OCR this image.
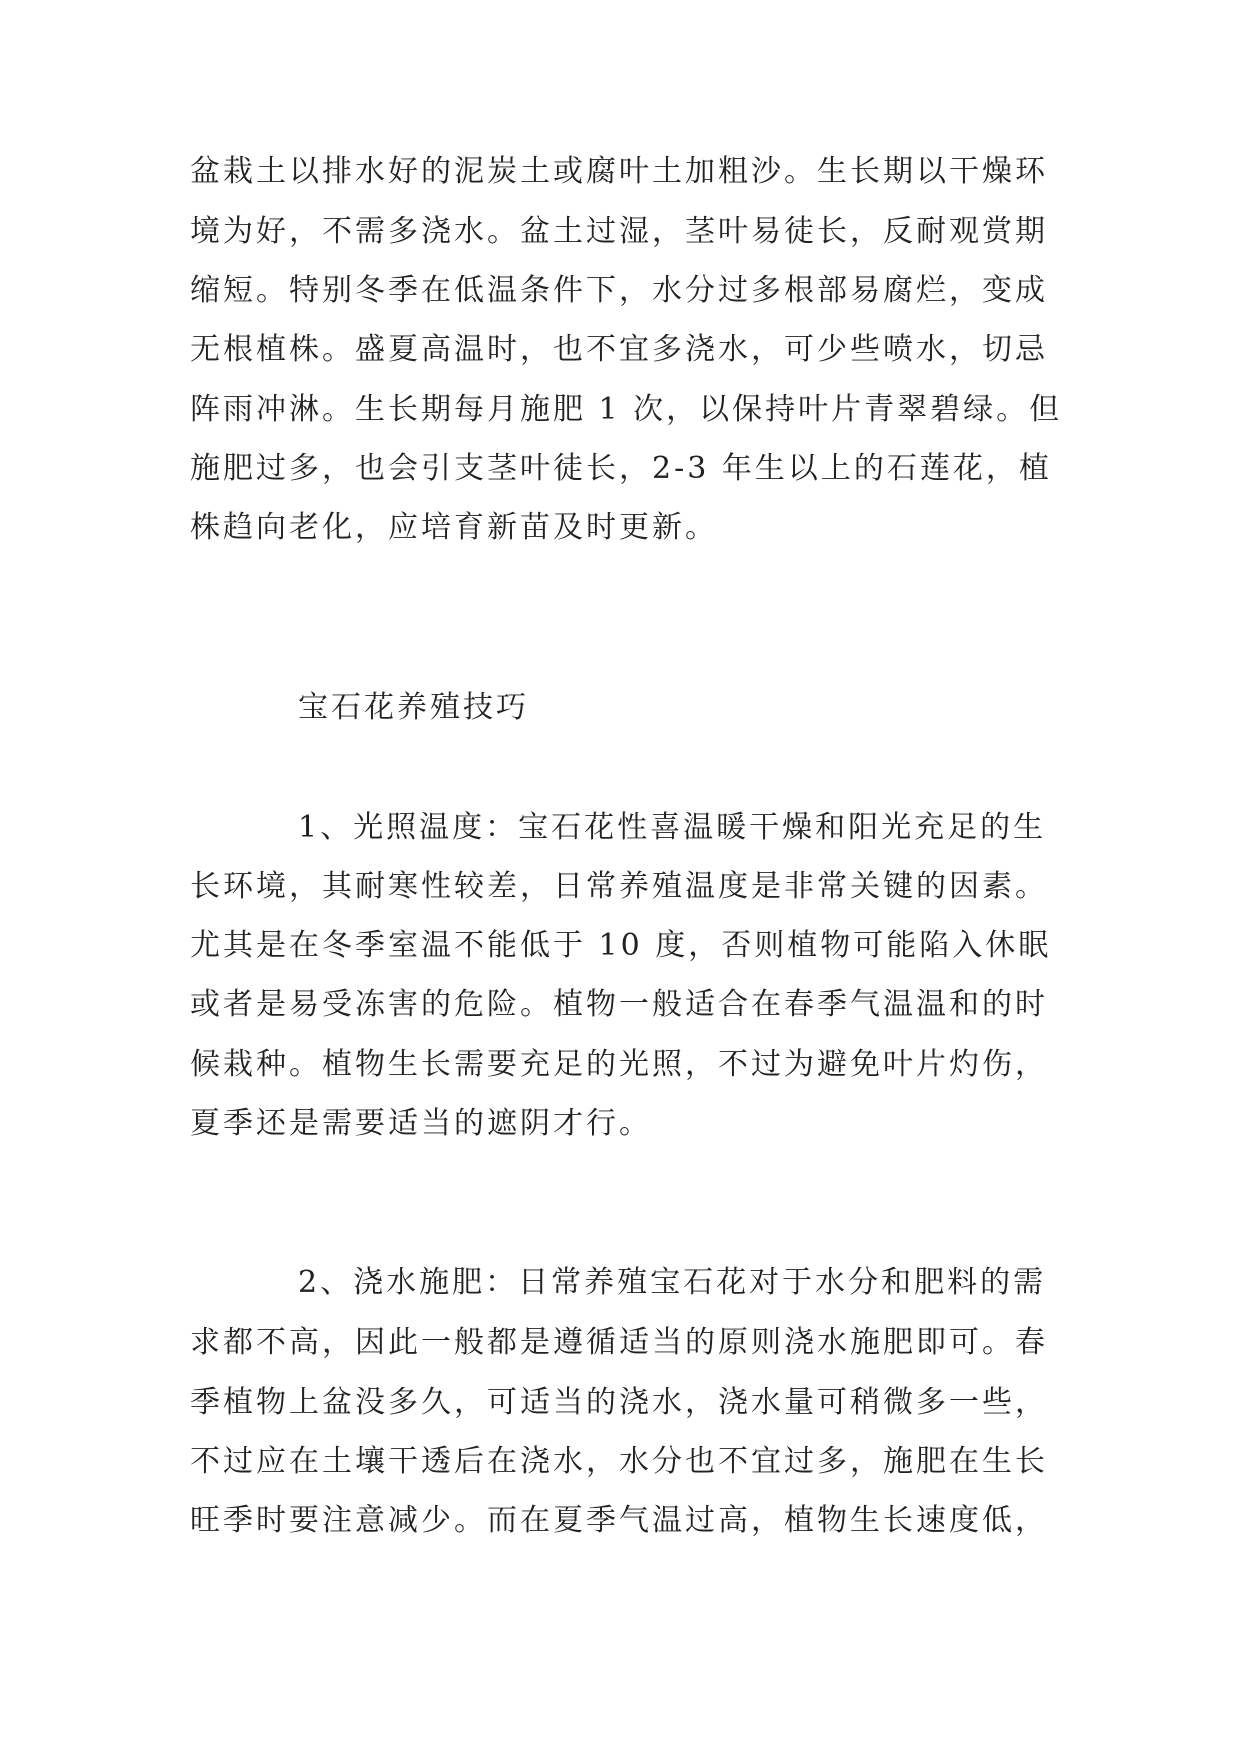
盆栽土以排水好的泥炭土或腐叶土加粗沙。生长期以干燥环
境为好，不需多浇水。盆土过湿，茎叶易徒长，反耐观赏期
缩短。特别冬季在低温条件下，水分过多根部易腐烂，变成
无根植株。盛夏高温时，也不宜多浇水，可少些喷水，切忌
阵雨冲淋。生长期每月施肥 1 次，以保持叶片青翠碧绿。但
施肥过多，也会引支茎叶徒长，2-3 年生以上的石莲花，植
株趋向老化，应培育新苗及时更新。
宝石花养殖技巧
1、光照温度：宝石花性喜温暖干燥和阳光充足的生
长环境，其耐寒性较差，日常养殖温度是非常关键的因素。
尤其是在冬季室温不能低于 10 度，否则植物可能陷入休眠
或者是易受冻害的危险。植物一般适合在春季气温温和的时
候栽种。植物生长需要充足的光照，不过为避免叶片灼伤，
夏季还是需要适当的遮阴才行。
2、浇水施肥：日常养殖宝石花对于水分和肥料的需
求都不高，因此一般都是遵循适当的原则浇水施肥即可。春
季植物上盆没多久，可适当的浇水，浇水量可稍微多一些，
不过应在土壤干透后在浇水，水分也不宜过多，施肥在生长
旺季时要注意减少。而在夏季气温过高，植物生长速度低，
